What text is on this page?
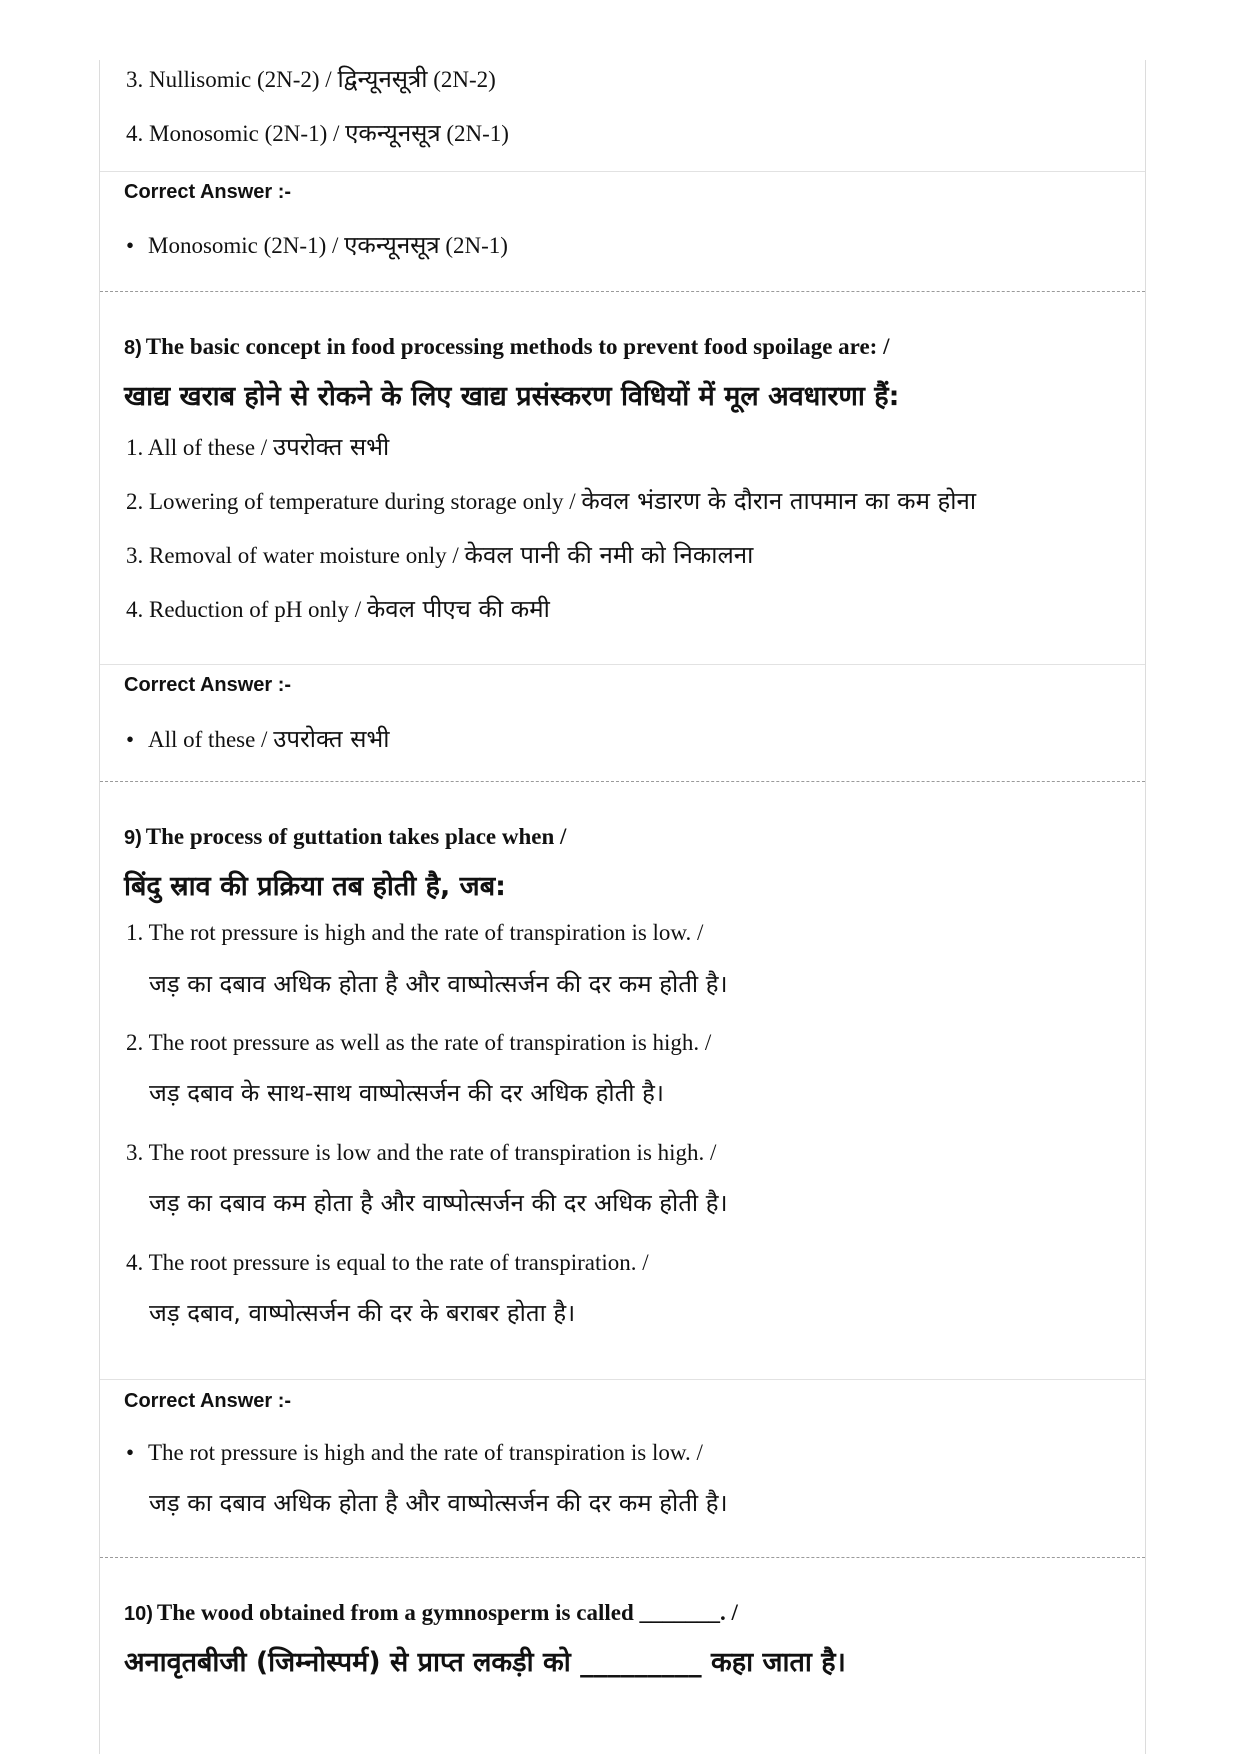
3. Nullisomic (2N-2) / द्विन्यूनसूत्री (2N-2)
4. Monosomic (2N-1) / एकन्यूनसूत्र (2N-1)
Correct Answer :-
• Monosomic (2N-1) / एकन्यूनसूत्र (2N-1)
8) The basic concept in food processing methods to prevent food spoilage are: /
खाद्य खराब होने से रोकने के लिए खाद्य प्रसंस्करण विधियों में मूल अवधारणा हैं:
1. All of these / उपरोक्त सभी
2. Lowering of temperature during storage only / केवल भंडारण के दौरान तापमान का कम होना
3. Removal of water moisture only / केवल पानी की नमी को निकालना
4. Reduction of pH only / केवल पीएच की कमी
Correct Answer :-
• All of these / उपरोक्त सभी
9) The process of guttation takes place when /
बिंदु स्राव की प्रक्रिया तब होती है, जब:
1. The rot pressure is high and the rate of transpiration is low. /
जड़ का दबाव अधिक होता है और वाष्पोत्सर्जन की दर कम होती है।
2. The root pressure as well as the rate of transpiration is high. /
जड़ दबाव के साथ-साथ वाष्पोत्सर्जन की दर अधिक होती है।
3. The root pressure is low and the rate of transpiration is high. /
जड़ का दबाव कम होता है और वाष्पोत्सर्जन की दर अधिक होती है।
4. The root pressure is equal to the rate of transpiration. /
जड़ दबाव, वाष्पोत्सर्जन की दर के बराबर होता है।
Correct Answer :-
• The rot pressure is high and the rate of transpiration is low. /
जड़ का दबाव अधिक होता है और वाष्पोत्सर्जन की दर कम होती है।
10) The wood obtained from a gymnosperm is called _______. /
अनावृतबीजी (जिम्नोस्पर्म) से प्राप्त लकड़ी को _________ कहा जाता है।
